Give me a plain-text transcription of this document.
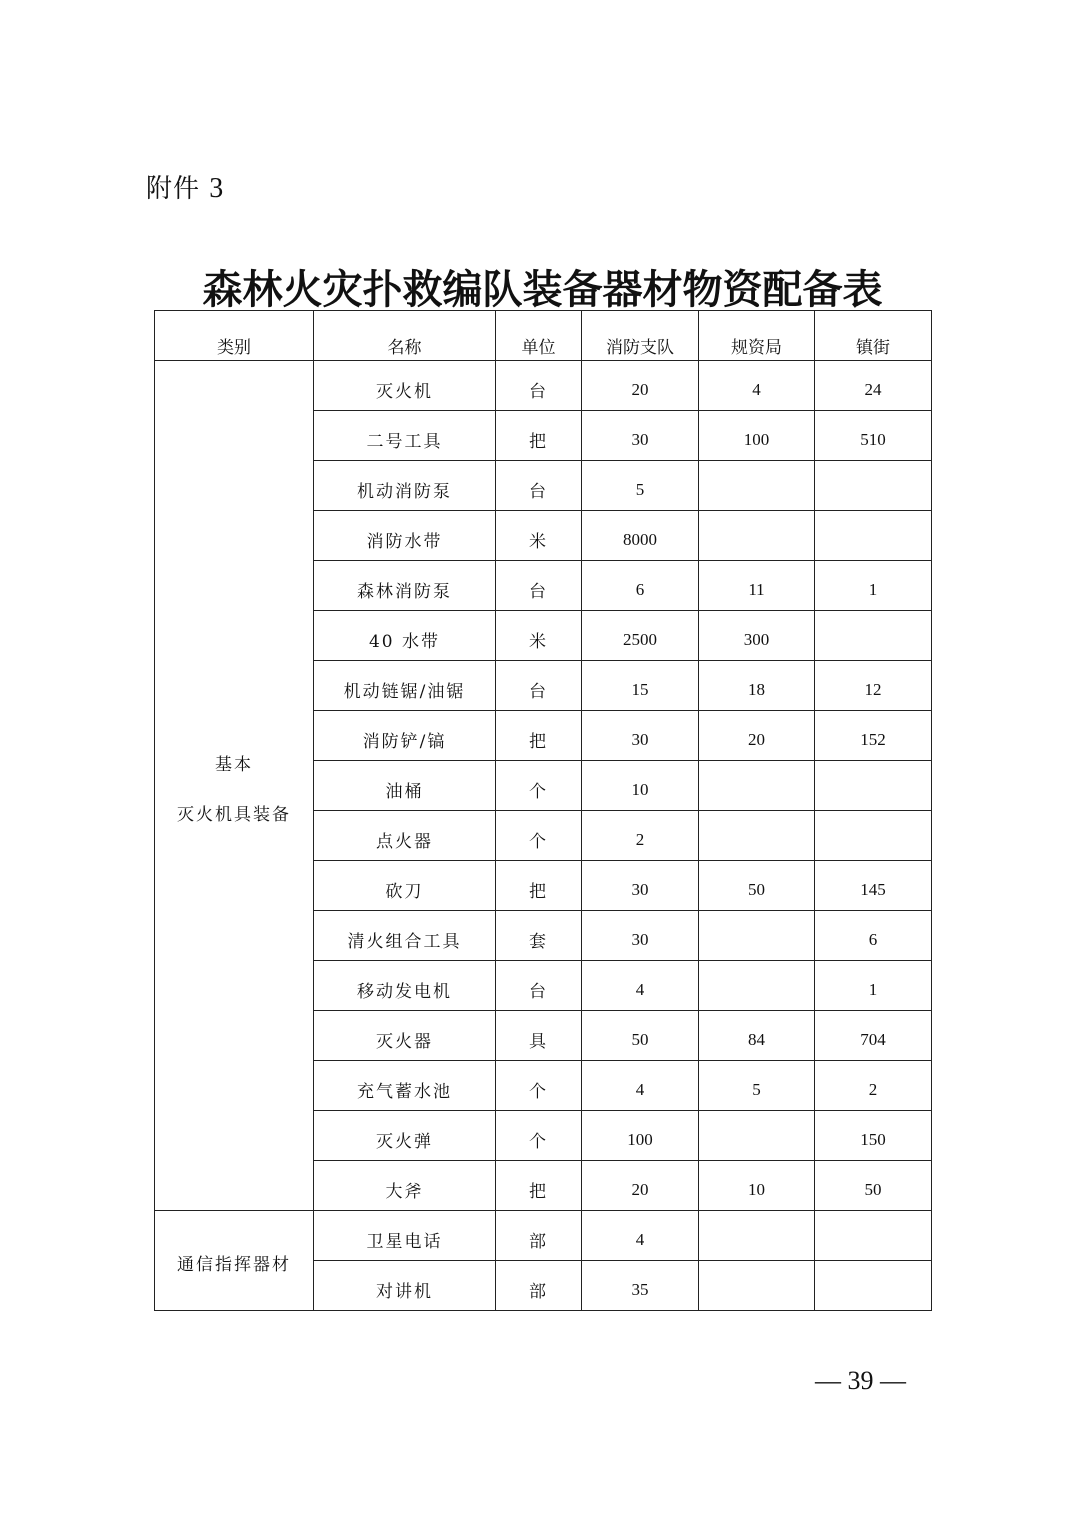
附件 3
森林火灾扑救编队装备器材物资配备表
类别	名称	单位	消防支队	规资局	镇街

基本
灭火机具装备	灭火机	台	20	4	24
	二号工具	把	30	100	510
	机动消防泵	台	5		
	消防水带	米	8000		
	森林消防泵	台	6	11	1
	40 水带	米	2500	300	
	机动链锯/油锯	台	15	18	12
	消防铲/镐	把	30	20	152
	油桶	个	10		
	点火器	个	2		
	砍刀	把	30	50	145
	清火组合工具	套	30		6
	移动发电机	台	4		1
	灭火器	具	50	84	704
	充气蓄水池	个	4	5	2
	灭火弹	个	100		150
	大斧	把	20	10	50

通信指挥器材	卫星电话	部	4		
	对讲机	部	35		
— 39 —
